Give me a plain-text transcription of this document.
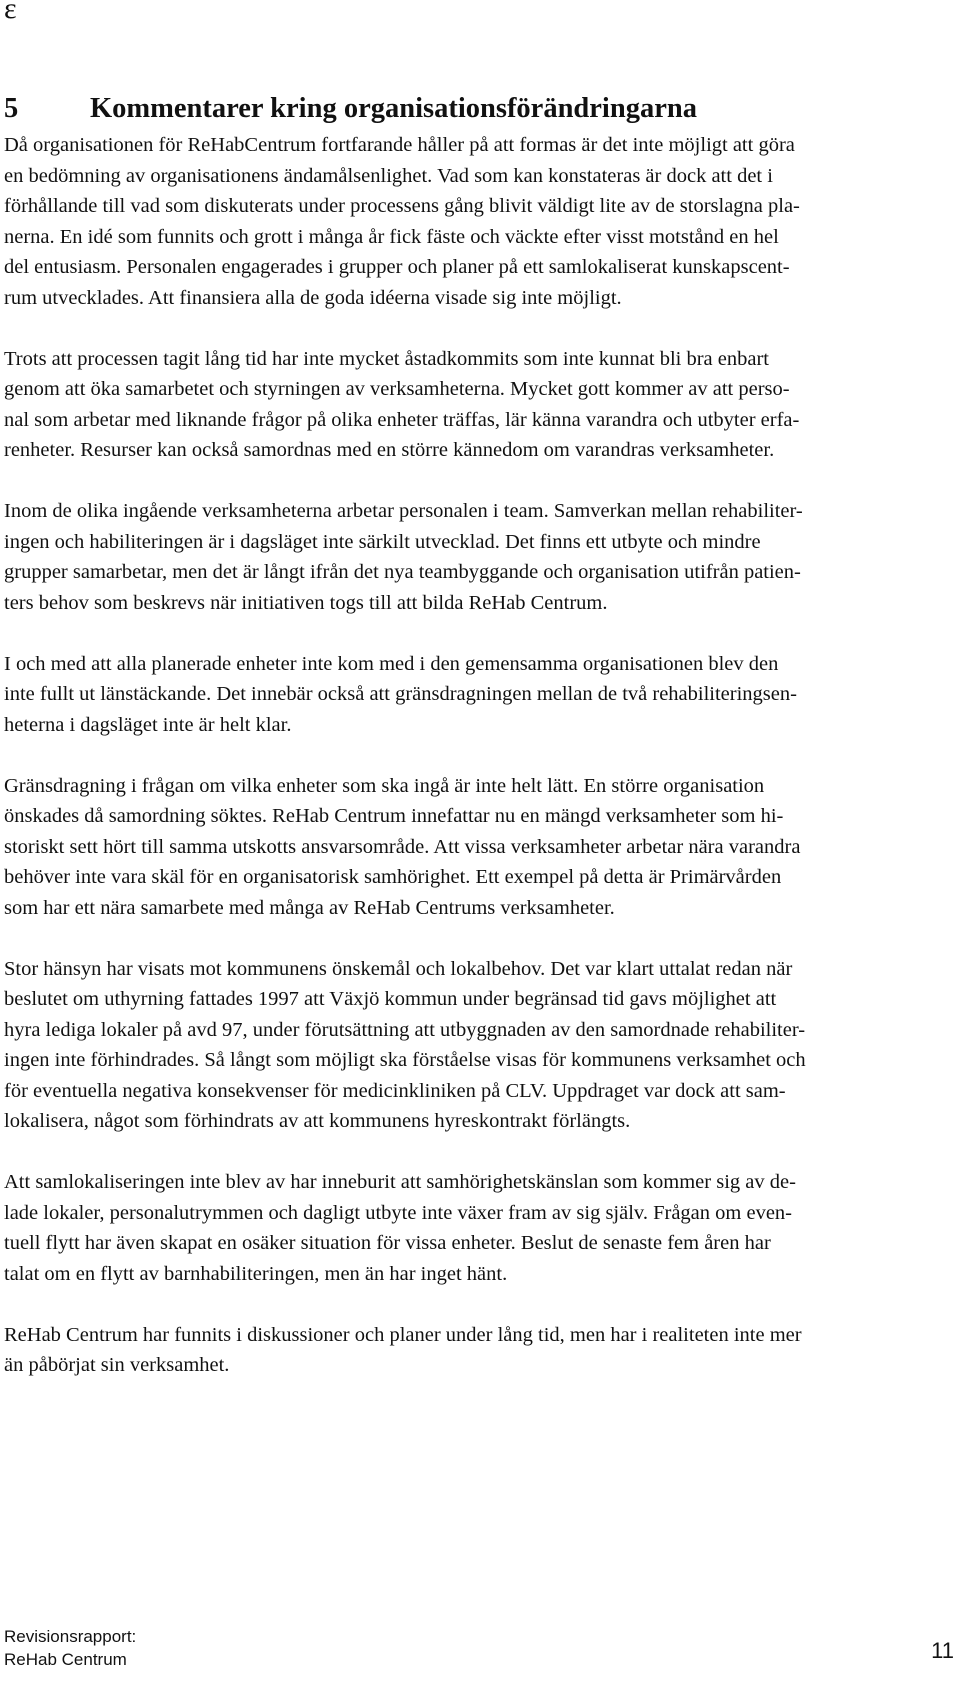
ε
5	Kommentarer kring organisationsförändringarna

Då organisationen för ReHabCentrum fortfarande håller på att formas är det inte möjligt att göra
en bedömning av organisationens ändamålsenlighet. Vad som kan konstateras är dock att det i
förhållande till vad som diskuterats under processens gång blivit väldigt lite av de storslagna pla-
nerna. En idé som funnits och grott i många år fick fäste och väckte efter visst motstånd en hel
del entusiasm. Personalen engagerades i grupper och planer på ett samlokaliserat kunskapscent-
rum utvecklades. Att finansiera alla de goda idéerna visade sig inte möjligt.

Trots att processen tagit lång tid har inte mycket åstadkommits som inte kunnat bli bra enbart
genom att öka samarbetet och styrningen av verksamheterna. Mycket gott kommer av att perso-
nal som arbetar med liknande frågor på olika enheter träffas, lär känna varandra och utbyter erfa-
renheter. Resurser kan också samordnas med en större kännedom om varandras verksamheter.

Inom de olika ingående verksamheterna arbetar personalen i team. Samverkan mellan rehabiliter-
ingen och habiliteringen är i dagsläget inte särkilt utvecklad. Det finns ett utbyte och mindre
grupper samarbetar, men det är långt ifrån det nya teambyggande och organisation utifrån patien-
ters behov som beskrevs när initiativen togs till att bilda ReHab Centrum.

I och med att alla planerade enheter inte kom med i den gemensamma organisationen blev den
inte fullt ut länstäckande. Det innebär också att gränsdragningen mellan de två rehabiliteringsen-
heterna i dagsläget inte är helt klar.

Gränsdragning i frågan om vilka enheter som ska ingå är inte helt lätt. En större organisation
önskades då samordning söktes. ReHab Centrum innefattar nu en mängd verksamheter som hi-
storiskt sett hört till samma utskotts ansvarsområde. Att vissa verksamheter arbetar nära varandra
behöver inte vara skäl för en organisatorisk samhörighet. Ett exempel på detta är Primärvården
som har ett nära samarbete med många av ReHab Centrums verksamheter.

Stor hänsyn har visats mot kommunens önskemål och lokalbehov. Det var klart uttalat redan när
beslutet om uthyrning fattades 1997 att Växjö kommun under begränsad tid gavs möjlighet att
hyra lediga lokaler på avd 97, under förutsättning att utbyggnaden av den samordnade rehabiliter-
ingen inte förhindrades. Så långt som möjligt ska förståelse visas för kommunens verksamhet och
för eventuella negativa konsekvenser för medicinkliniken på CLV. Uppdraget var dock att sam-
lokalisera, något som förhindrats av att kommunens hyreskontrakt förlängts.

Att samlokaliseringen inte blev av har inneburit att samhörighetskänslan som kommer sig av de-
lade lokaler, personalutrymmen och dagligt utbyte inte växer fram av sig själv. Frågan om even-
tuell flytt har även skapat en osäker situation för vissa enheter. Beslut de senaste fem åren har
talat om en flytt av barnhabiliteringen, men än har inget hänt.

ReHab Centrum har funnits i diskussioner och planer under lång tid, men har i realiteten inte mer
än påbörjat sin verksamhet.

Revisionsrapport:
ReHab Centrum	11
